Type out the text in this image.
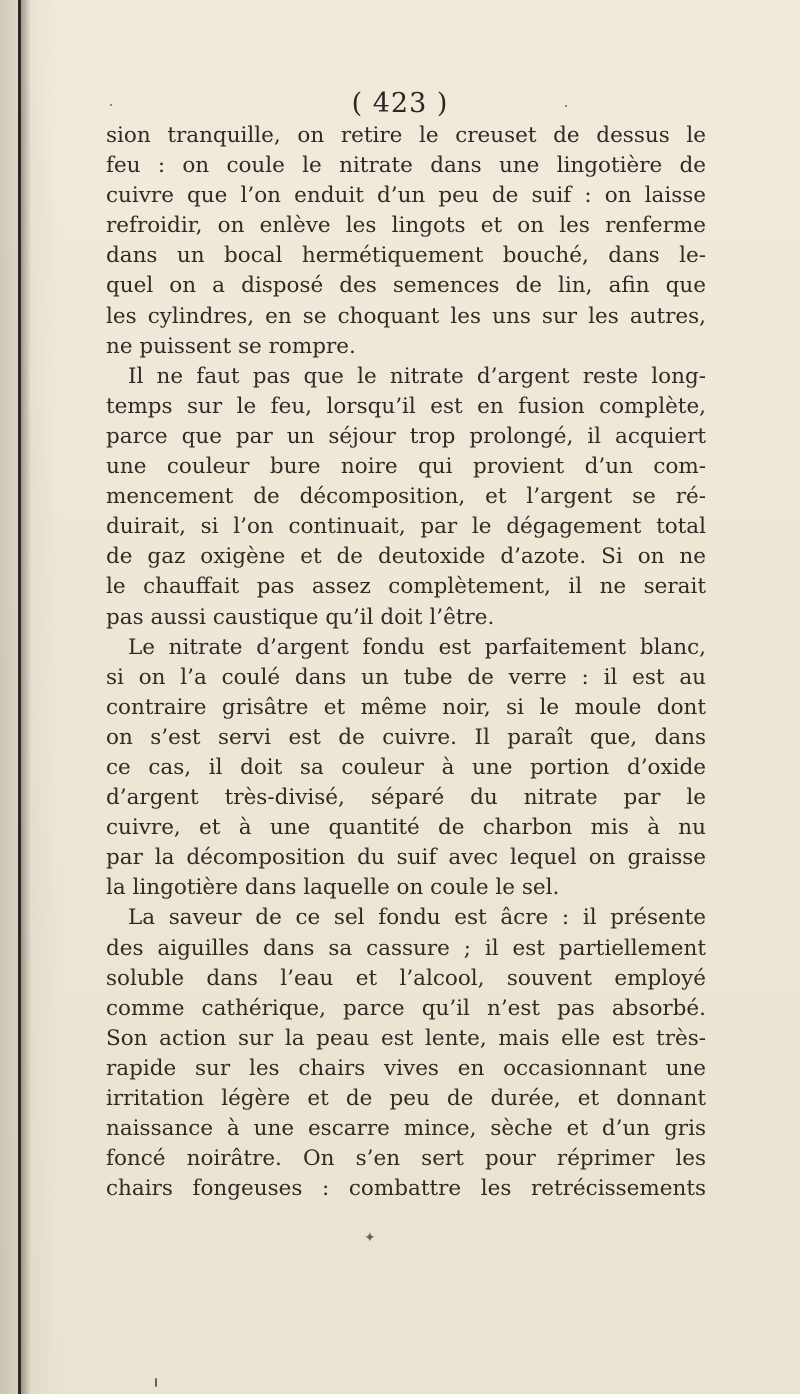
( 423 )
sion tranquille, on retire le creuset de dessus le
feu : on coule le nitrate dans une lingotière de
cuivre que l’on enduit d’un peu de suif : on laisse
refroidir, on enlève les lingots et on les renferme
dans un bocal hermétiquement bouché, dans le-
quel on a disposé des semences de lin, afin que
les cylindres, en se choquant les uns sur les autres,
ne puissent se rompre.
Il ne faut pas que le nitrate d’argent reste long-
temps sur le feu, lorsqu’il est en fusion complète,
parce que par un séjour trop prolongé, il acquiert
une couleur bure noire qui provient d’un com-
mencement de décomposition, et l’argent se ré-
duirait, si l’on continuait, par le dégagement total
de gaz oxigène et de deutoxide d’azote. Si on ne
le chauffait pas assez complètement, il ne serait
pas aussi caustique qu’il doit l’être.
Le nitrate d’argent fondu est parfaitement blanc,
si on l’a coulé dans un tube de verre : il est au
contraire grisâtre et même noir, si le moule dont
on s’est servi est de cuivre. Il paraît que, dans
ce cas, il doit sa couleur à une portion d’oxide
d’argent très-divisé, séparé du nitrate par le
cuivre, et à une quantité de charbon mis à nu
par la décomposition du suif avec lequel on graisse
la lingotière dans laquelle on coule le sel.
La saveur de ce sel fondu est âcre : il présente
des aiguilles dans sa cassure ; il est partiellement
soluble dans l’eau et l’alcool, souvent employé
comme cathérique, parce qu’il n’est pas absorbé.
Son action sur la peau est lente, mais elle est très-
rapide sur les chairs vives en occasionnant une
irritation légère et de peu de durée, et donnant
naissance à une escarre mince, sèche et d’un gris
foncé noirâtre. On s’en sert pour réprimer les
chairs fongeuses : combattre les retrécissements
✦
